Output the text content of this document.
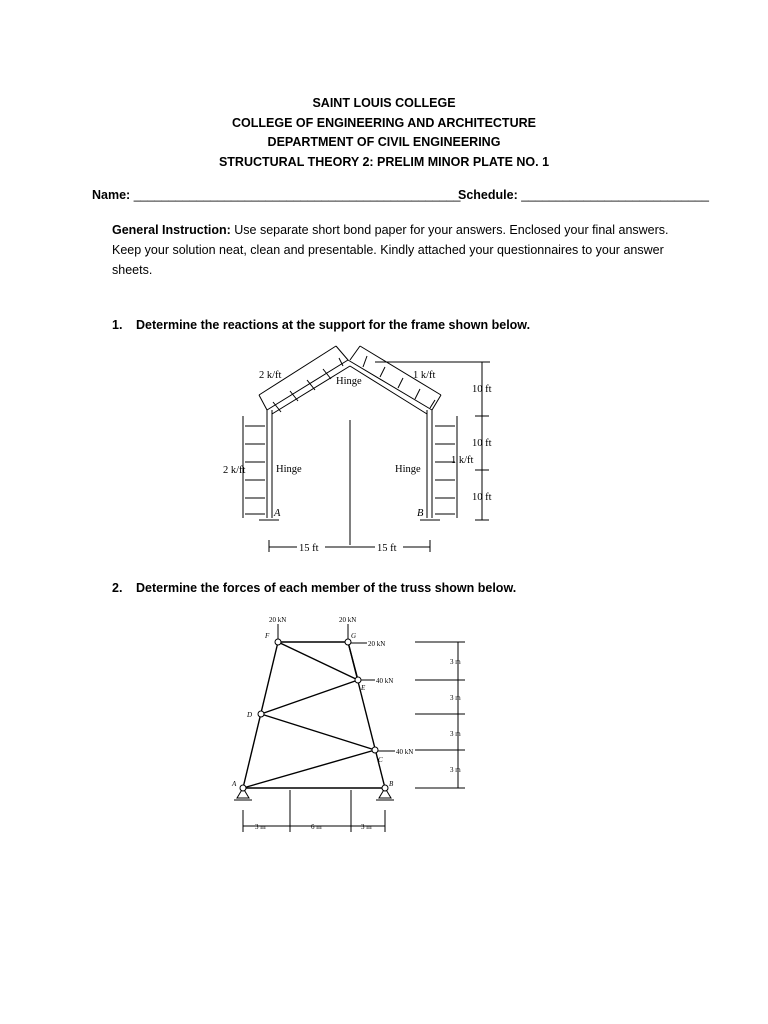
SAINT LOUIS COLLEGE
COLLEGE OF ENGINEERING AND ARCHITECTURE
DEPARTMENT OF CIVIL ENGINEERING
STRUCTURAL THEORY 2: PRELIM MINOR PLATE NO. 1
Name: _______________________________________________
Schedule: ___________________________
General Instruction: Use separate short bond paper for your answers. Enclosed your final answers. Keep your solution neat, clean and presentable. Kindly attached your questionnaires to your answer sheets.
1. Determine the reactions at the support for the frame shown below.
2 k/ft	1 k/ft
Hinge
Hinge	Hinge
2 k/ft
1 k/ft
10 ft
10 ft
10 ft
A	B
15 ft	15 ft
2. Determine the forces of each member of the truss shown below.
20 kN	20 kN
20 kN
40 kN
40 kN
F	G
E
D
C
A	B
3 m
3 m
3 m
3 m
3 m	6 m	3 m
